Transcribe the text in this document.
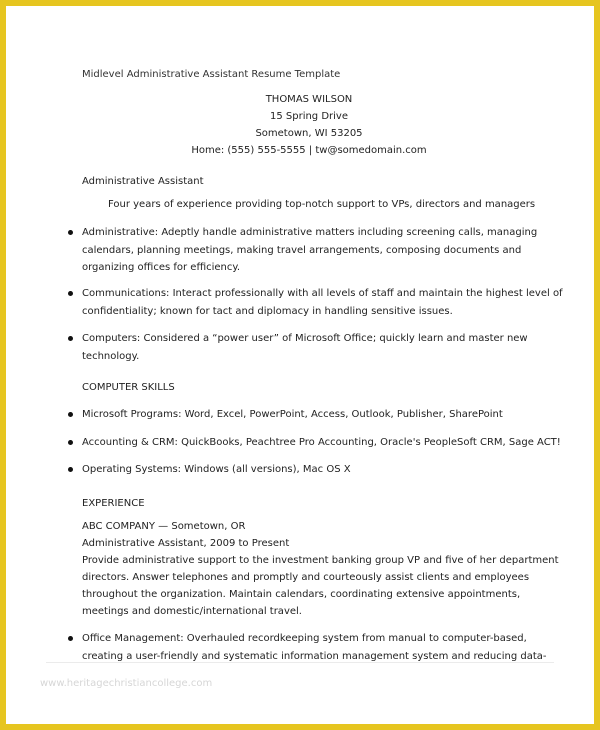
Midlevel Administrative Assistant Resume Template
THOMAS WILSON
15 Spring Drive
Sometown, WI 53205
Home: (555) 555-5555 | tw@somedomain.com
Administrative Assistant
Four years of experience providing top-notch support to VPs, directors and managers
Administrative: Adeptly handle administrative matters including screening calls, managing
calendars, planning meetings, making travel arrangements, composing documents and
organizing offices for efficiency.
Communications: Interact professionally with all levels of staff and maintain the highest level of
confidentiality; known for tact and diplomacy in handling sensitive issues.
Computers: Considered a “power user” of Microsoft Office; quickly learn and master new
technology.
COMPUTER SKILLS
Microsoft Programs: Word, Excel, PowerPoint, Access, Outlook, Publisher, SharePoint
Accounting & CRM: QuickBooks, Peachtree Pro Accounting, Oracle's PeopleSoft CRM, Sage ACT!
Operating Systems: Windows (all versions), Mac OS X
EXPERIENCE
ABC COMPANY — Sometown, OR
Administrative Assistant, 2009 to Present
Provide administrative support to the investment banking group VP and five of her department
directors. Answer telephones and promptly and courteously assist clients and employees
throughout the organization. Maintain calendars, coordinating extensive appointments,
meetings and domestic/international travel.
Office Management: Overhauled recordkeeping system from manual to computer-based,
creating a user-friendly and systematic information management system and reducing data-
www.heritagechristiancollege.com
